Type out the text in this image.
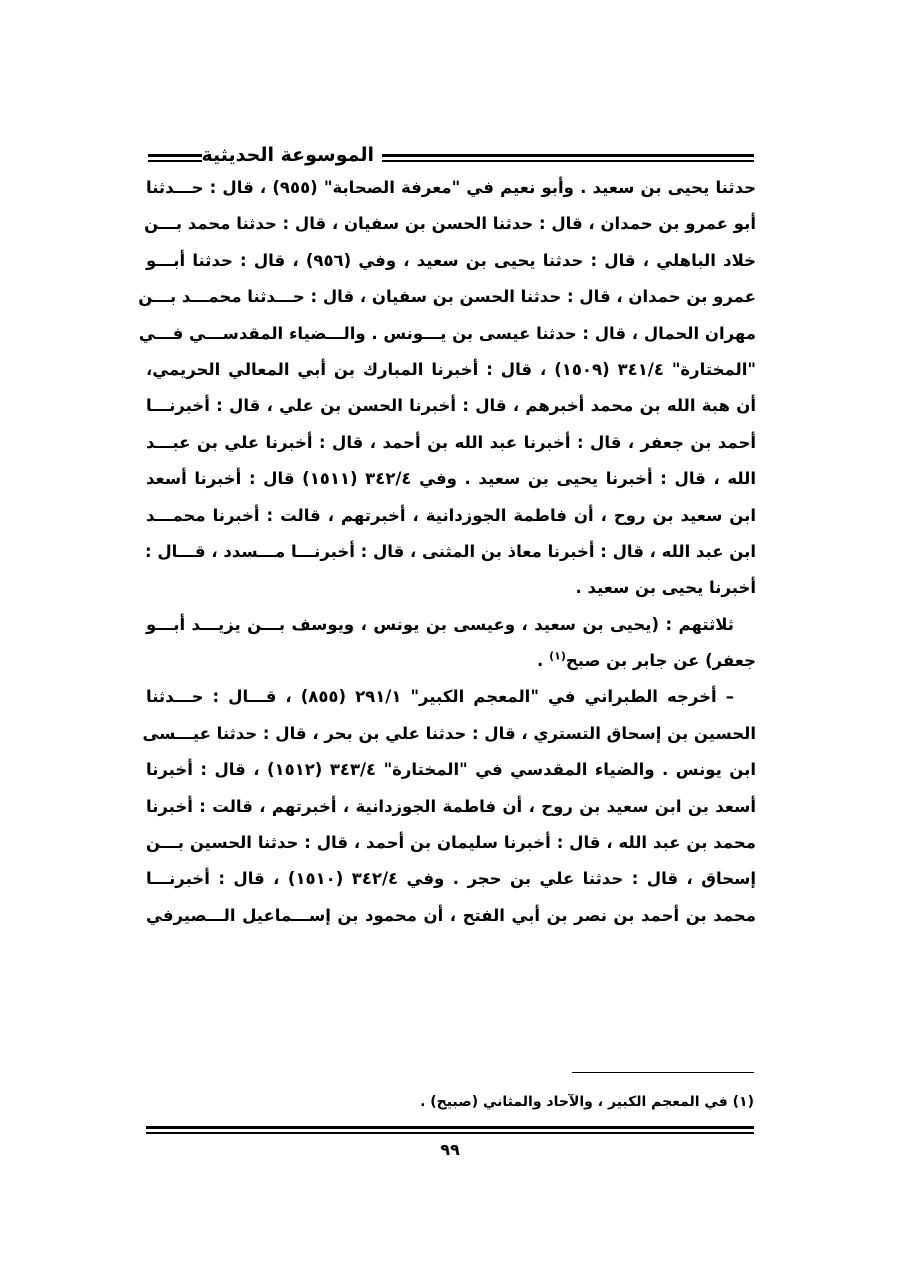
الموسوعة الحديثية
حدثنا يحيى بن سعيد . وأبو نعيم في "معرفة الصحابة" (٩٥٥) ، قال : حـــدثنا
أبو عمرو بن حمدان ، قال : حدثنا الحسن بن سفيان ، قال : حدثنا محمد بـــن
خلاد الباهلي ، قال : حدثنا يحيى بن سعيد ، وفي (٩٥٦) ، قال : حدثنا أبـــو
عمرو بن حمدان ، قال : حدثنا الحسن بن سفيان ، قال : حـــدثنا محمـــد بـــن
مهران الحمال ، قال : حدثنا عيسى بن يـــونس . والـــضياء المقدســـي فـــي
"المختارة" ٣٤١/٤ (١٥٠٩) ، قال : أخبرنا المبارك بن أبي المعالي الحريمي،
أن هبة الله بن محمد أخبرهم ، قال : أخبرنا الحسن بن علي ، قال : أخبرنـــا
أحمد بن جعفر ، قال : أخبرنا عبد الله بن أحمد ، قال : أخبرنا علي بن عبـــد
الله ، قال : أخبرنا يحيى بن سعيد . وفي ٣٤٢/٤ (١٥١١) قال : أخبرنا أسعد
ابن سعيد بن روح ، أن فاطمة الجوزدانية ، أخبرتهم ، قالت : أخبرنا محمـــد
ابن عبد الله ، قال : أخبرنا معاذ بن المثنى ، قال : أخبرنـــا مـــسدد ، قـــال :
أخبرنا يحيى بن سعيد .
ثلاثتهم : (يحيى بن سعيد ، وعيسى بن يونس ، ويوسف بـــن يزيـــد أبـــو
جعفر) عن جابر بن صبح$^{(١)}$ .
– أخرجه الطبراني في "المعجم الكبير" ٢٩١/١ (٨٥٥) ، قـــال : حـــدثنا
الحسين بن إسحاق التستري ، قال : حدثنا علي بن بحر ، قال : حدثنا عيـــسى
ابن يونس . والضياء المقدسي في "المختارة" ٣٤٣/٤ (١٥١٢) ، قال : أخبرنا
أسعد بن ابن سعيد بن روح ، أن فاطمة الجوزدانية ، أخبرتهم ، قالت : أخبرنا
محمد بن عبد الله ، قال : أخبرنا سليمان بن أحمد ، قال : حدثنا الحسين بـــن
إسحاق ، قال : حدثنا علي بن حجر . وفي ٣٤٢/٤ (١٥١٠) ، قال : أخبرنـــا
محمد بن أحمد بن نصر بن أبي الفتح ، أن محمود بن إســـماعيل الـــصيرفي
(١) في المعجم الكبير ، والآحاد والمثاني (صبيح) .
٩٩
